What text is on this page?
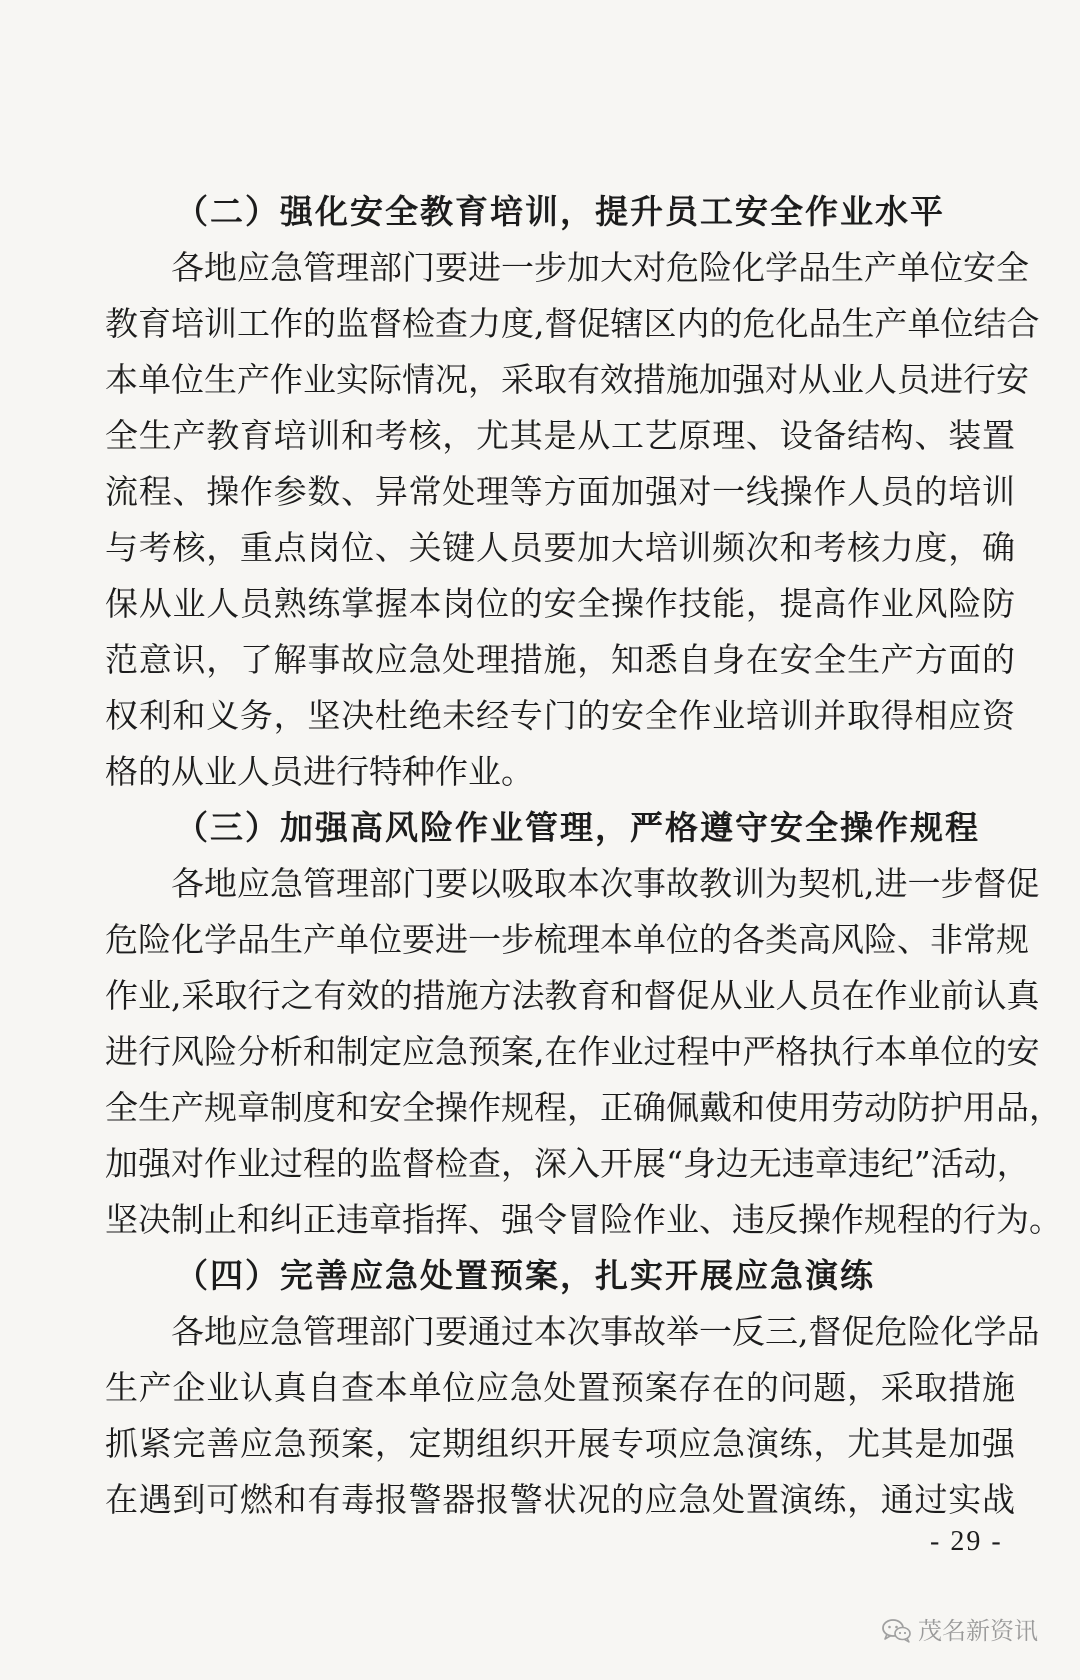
（二）强化安全教育培训，提升员工安全作业水平
各地应急管理部门要进一步加大对危险化学品生产单位安全
教育培训工作的监督检查力度,督促辖区内的危化品生产单位结合
本单位生产作业实际情况，采取有效措施加强对从业人员进行安
全生产教育培训和考核，尤其是从工艺原理、设备结构、装置
流程、操作参数、异常处理等方面加强对一线操作人员的培训
与考核，重点岗位、关键人员要加大培训频次和考核力度，确
保从业人员熟练掌握本岗位的安全操作技能，提高作业风险防
范意识，了解事故应急处理措施，知悉自身在安全生产方面的
权利和义务，坚决杜绝未经专门的安全作业培训并取得相应资
格的从业人员进行特种作业。
（三）加强高风险作业管理，严格遵守安全操作规程
各地应急管理部门要以吸取本次事故教训为契机,进一步督促
危险化学品生产单位要进一步梳理本单位的各类高风险、非常规
作业,采取行之有效的措施方法教育和督促从业人员在作业前认真
进行风险分析和制定应急预案,在作业过程中严格执行本单位的安
全生产规章制度和安全操作规程，正确佩戴和使用劳动防护用品，
加强对作业过程的监督检查，深入开展“身边无违章违纪”活动，
坚决制止和纠正违章指挥、强令冒险作业、违反操作规程的行为。
（四）完善应急处置预案，扎实开展应急演练
各地应急管理部门要通过本次事故举一反三,督促危险化学品
生产企业认真自查本单位应急处置预案存在的问题，采取措施
抓紧完善应急预案，定期组织开展专项应急演练，尤其是加强
在遇到可燃和有毒报警器报警状况的应急处置演练，通过实战
- 29 -
茂名新资讯
